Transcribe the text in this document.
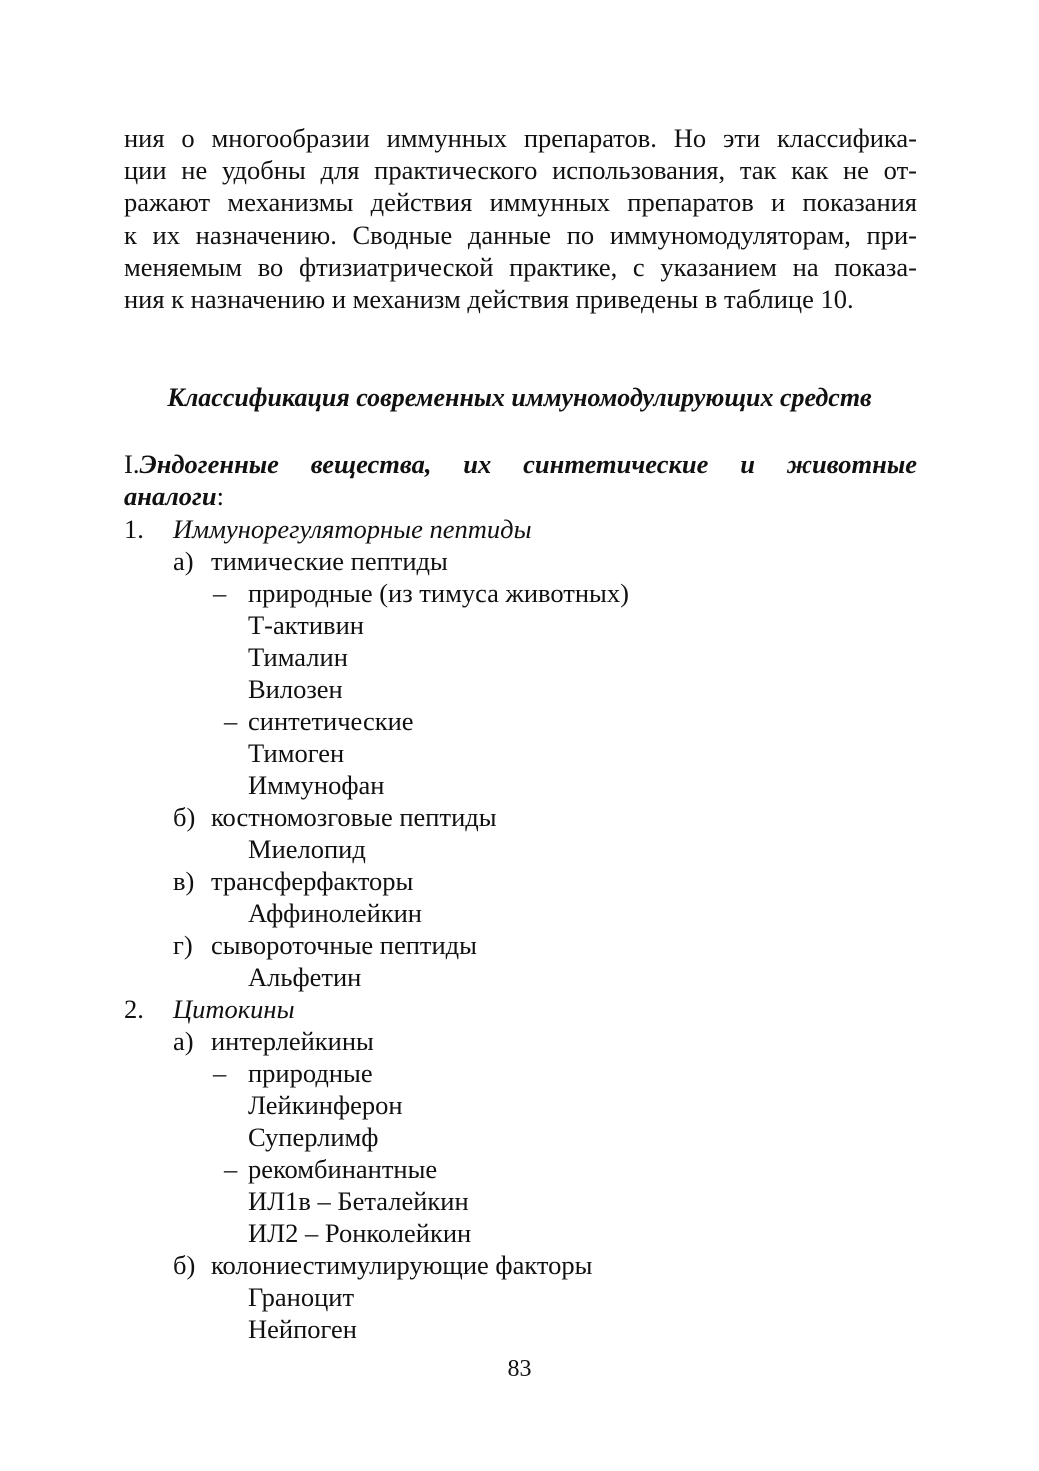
ния о многообразии иммунных препаратов. Но эти классифика-
ции не удобны для практического использования, так как не от-
ражают механизмы действия иммунных препаратов и показания
к их назначению. Сводные данные по иммуномодуляторам, при-
меняемым во фтизиатрической практике, с указанием на показа-
ния к назначению и механизм действия приведены в таблице 10.
Классификация современных иммуномодулирующих средств
I.Эндогенные вещества, их синтетические и животные
аналоги:
1. Иммунорегуляторные пептиды
а) тимические пептиды
– природные (из тимуса животных)
Т-активин
Тималин
Вилозен
– синтетические
Тимоген
Иммунофан
б) костномозговые пептиды
Миелопид
в) трансферфакторы
Аффинолейкин
г) сывороточные пептиды
Альфетин
2. Цитокины
а) интерлейкины
– природные
Лейкинферон
Суперлимф
– рекомбинантные
ИЛ1в – Беталейкин
ИЛ2 – Ронколейкин
б) колониестимулирующие факторы
Граноцит
Нейпоген
83
